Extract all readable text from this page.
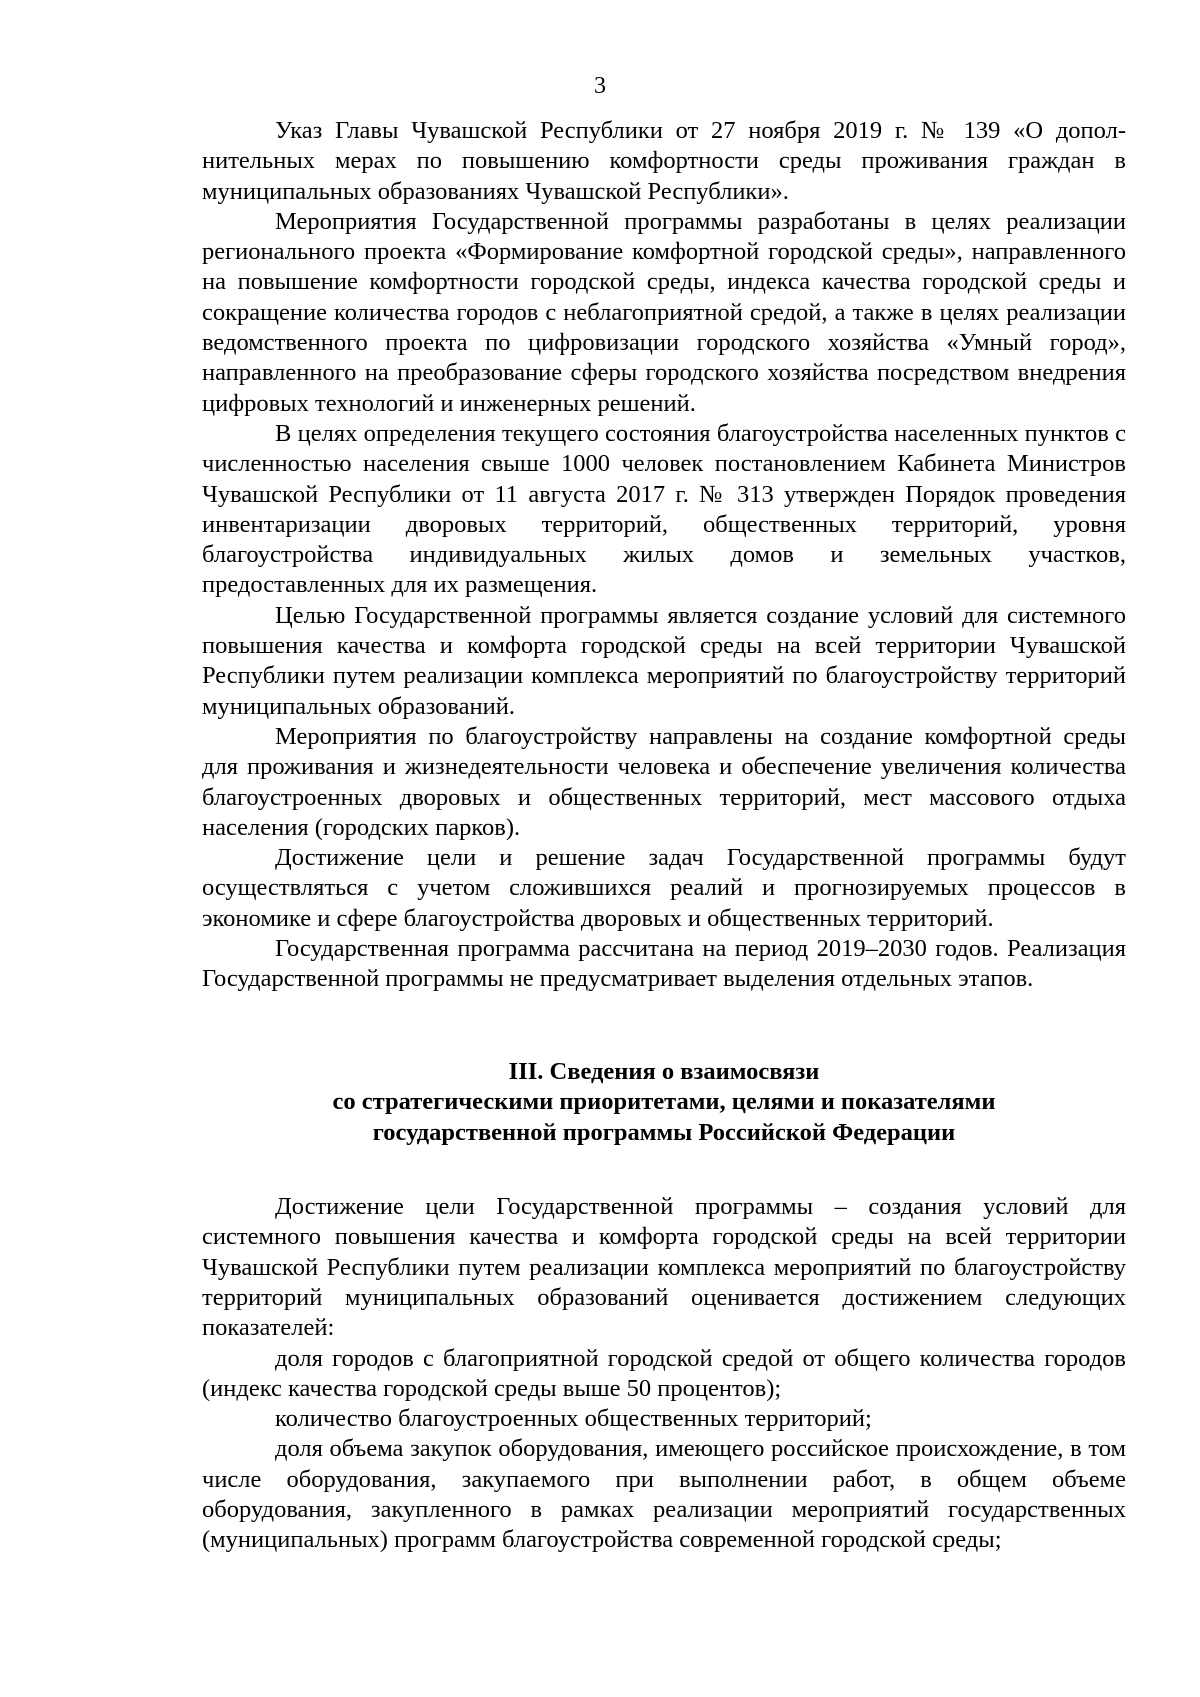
3

Указ Главы Чувашской Республики от 27 ноября 2019 г. № 139 «О дополнительных мерах по повышению комфортности среды проживания граждан в муниципальных образованиях Чувашской Республики».

Мероприятия Государственной программы разработаны в целях реализации регионального проекта «Формирование комфортной городской среды», направленного на повышение комфортности городской среды, индекса качества городской среды и сокращение количества городов с неблагоприятной средой, а также в целях реализации ведомственного проекта по цифровизации городского хозяйства «Умный город», направленного на преобразование сферы городского хозяйства посредством внедрения цифровых технологий и инженерных решений.

В целях определения текущего состояния благоустройства населенных пунктов с численностью населения свыше 1000 человек постановлением Кабинета Министров Чувашской Республики от 11 августа 2017 г. № 313 утвержден Порядок проведения инвентаризации дворовых территорий, общественных территорий, уровня благоустройства индивидуальных жилых домов и земельных участков, предоставленных для их размещения.

Целью Государственной программы является создание условий для системного повышения качества и комфорта городской среды на всей территории Чувашской Республики путем реализации комплекса мероприятий по благоустройству территорий муниципальных образований.

Мероприятия по благоустройству направлены на создание комфортной среды для проживания и жизнедеятельности человека и обеспечение увеличения количества благоустроенных дворовых и общественных территорий, мест массового отдыха населения (городских парков).

Достижение цели и решение задач Государственной программы будут осуществляться с учетом сложившихся реалий и прогнозируемых процессов в экономике и сфере благоустройства дворовых и общественных территорий.

Государственная программа рассчитана на период 2019–2030 годов. Реализация Государственной программы не предусматривает выделения отдельных этапов.

III. Сведения о взаимосвязи
со стратегическими приоритетами, целями и показателями
государственной программы Российской Федерации

Достижение цели Государственной программы – создания условий для системного повышения качества и комфорта городской среды на всей территории Чувашской Республики путем реализации комплекса мероприятий по благоустройству территорий муниципальных образований оценивается достижением следующих показателей:

доля городов с благоприятной городской средой от общего количества городов (индекс качества городской среды выше 50 процентов);

количество благоустроенных общественных территорий;

доля объема закупок оборудования, имеющего российское происхождение, в том числе оборудования, закупаемого при выполнении работ, в общем объеме оборудования, закупленного в рамках реализации мероприятий государственных (муниципальных) программ благоустройства современной городской среды;
